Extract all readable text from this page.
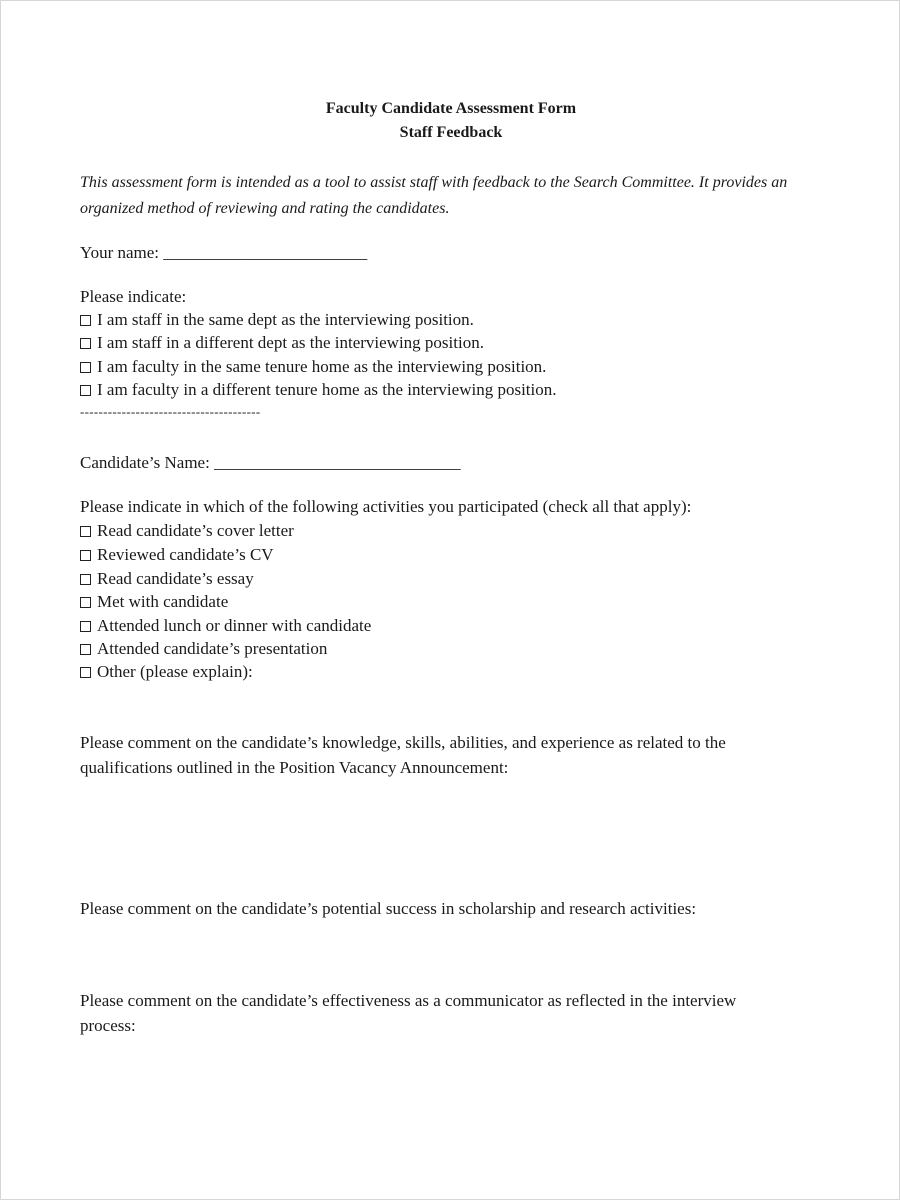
Faculty Candidate Assessment Form
Staff Feedback
This assessment form is intended as a tool to assist staff with feedback to the Search Committee. It provides an
organized method of reviewing and rating the candidates.
Your name: ________________________
Please indicate:
I am staff in the same dept as the interviewing position.
I am staff in a different dept as the interviewing position.
I am faculty in the same tenure home as the interviewing position.
I am faculty in a different tenure home as the interviewing position.
---------------------------------------
Candidate’s Name: _____________________________
Please indicate in which of the following activities you participated (check all that apply):
Read candidate’s cover letter
Reviewed candidate’s CV
Read candidate’s essay
Met with candidate
Attended lunch or dinner with candidate
Attended candidate’s presentation
Other (please explain):
Please comment on the candidate’s knowledge, skills, abilities, and experience as related to the
qualifications outlined in the Position Vacancy Announcement:
Please comment on the candidate’s potential success in scholarship and research activities:
Please comment on the candidate’s effectiveness as a communicator as reflected in the interview
process:
